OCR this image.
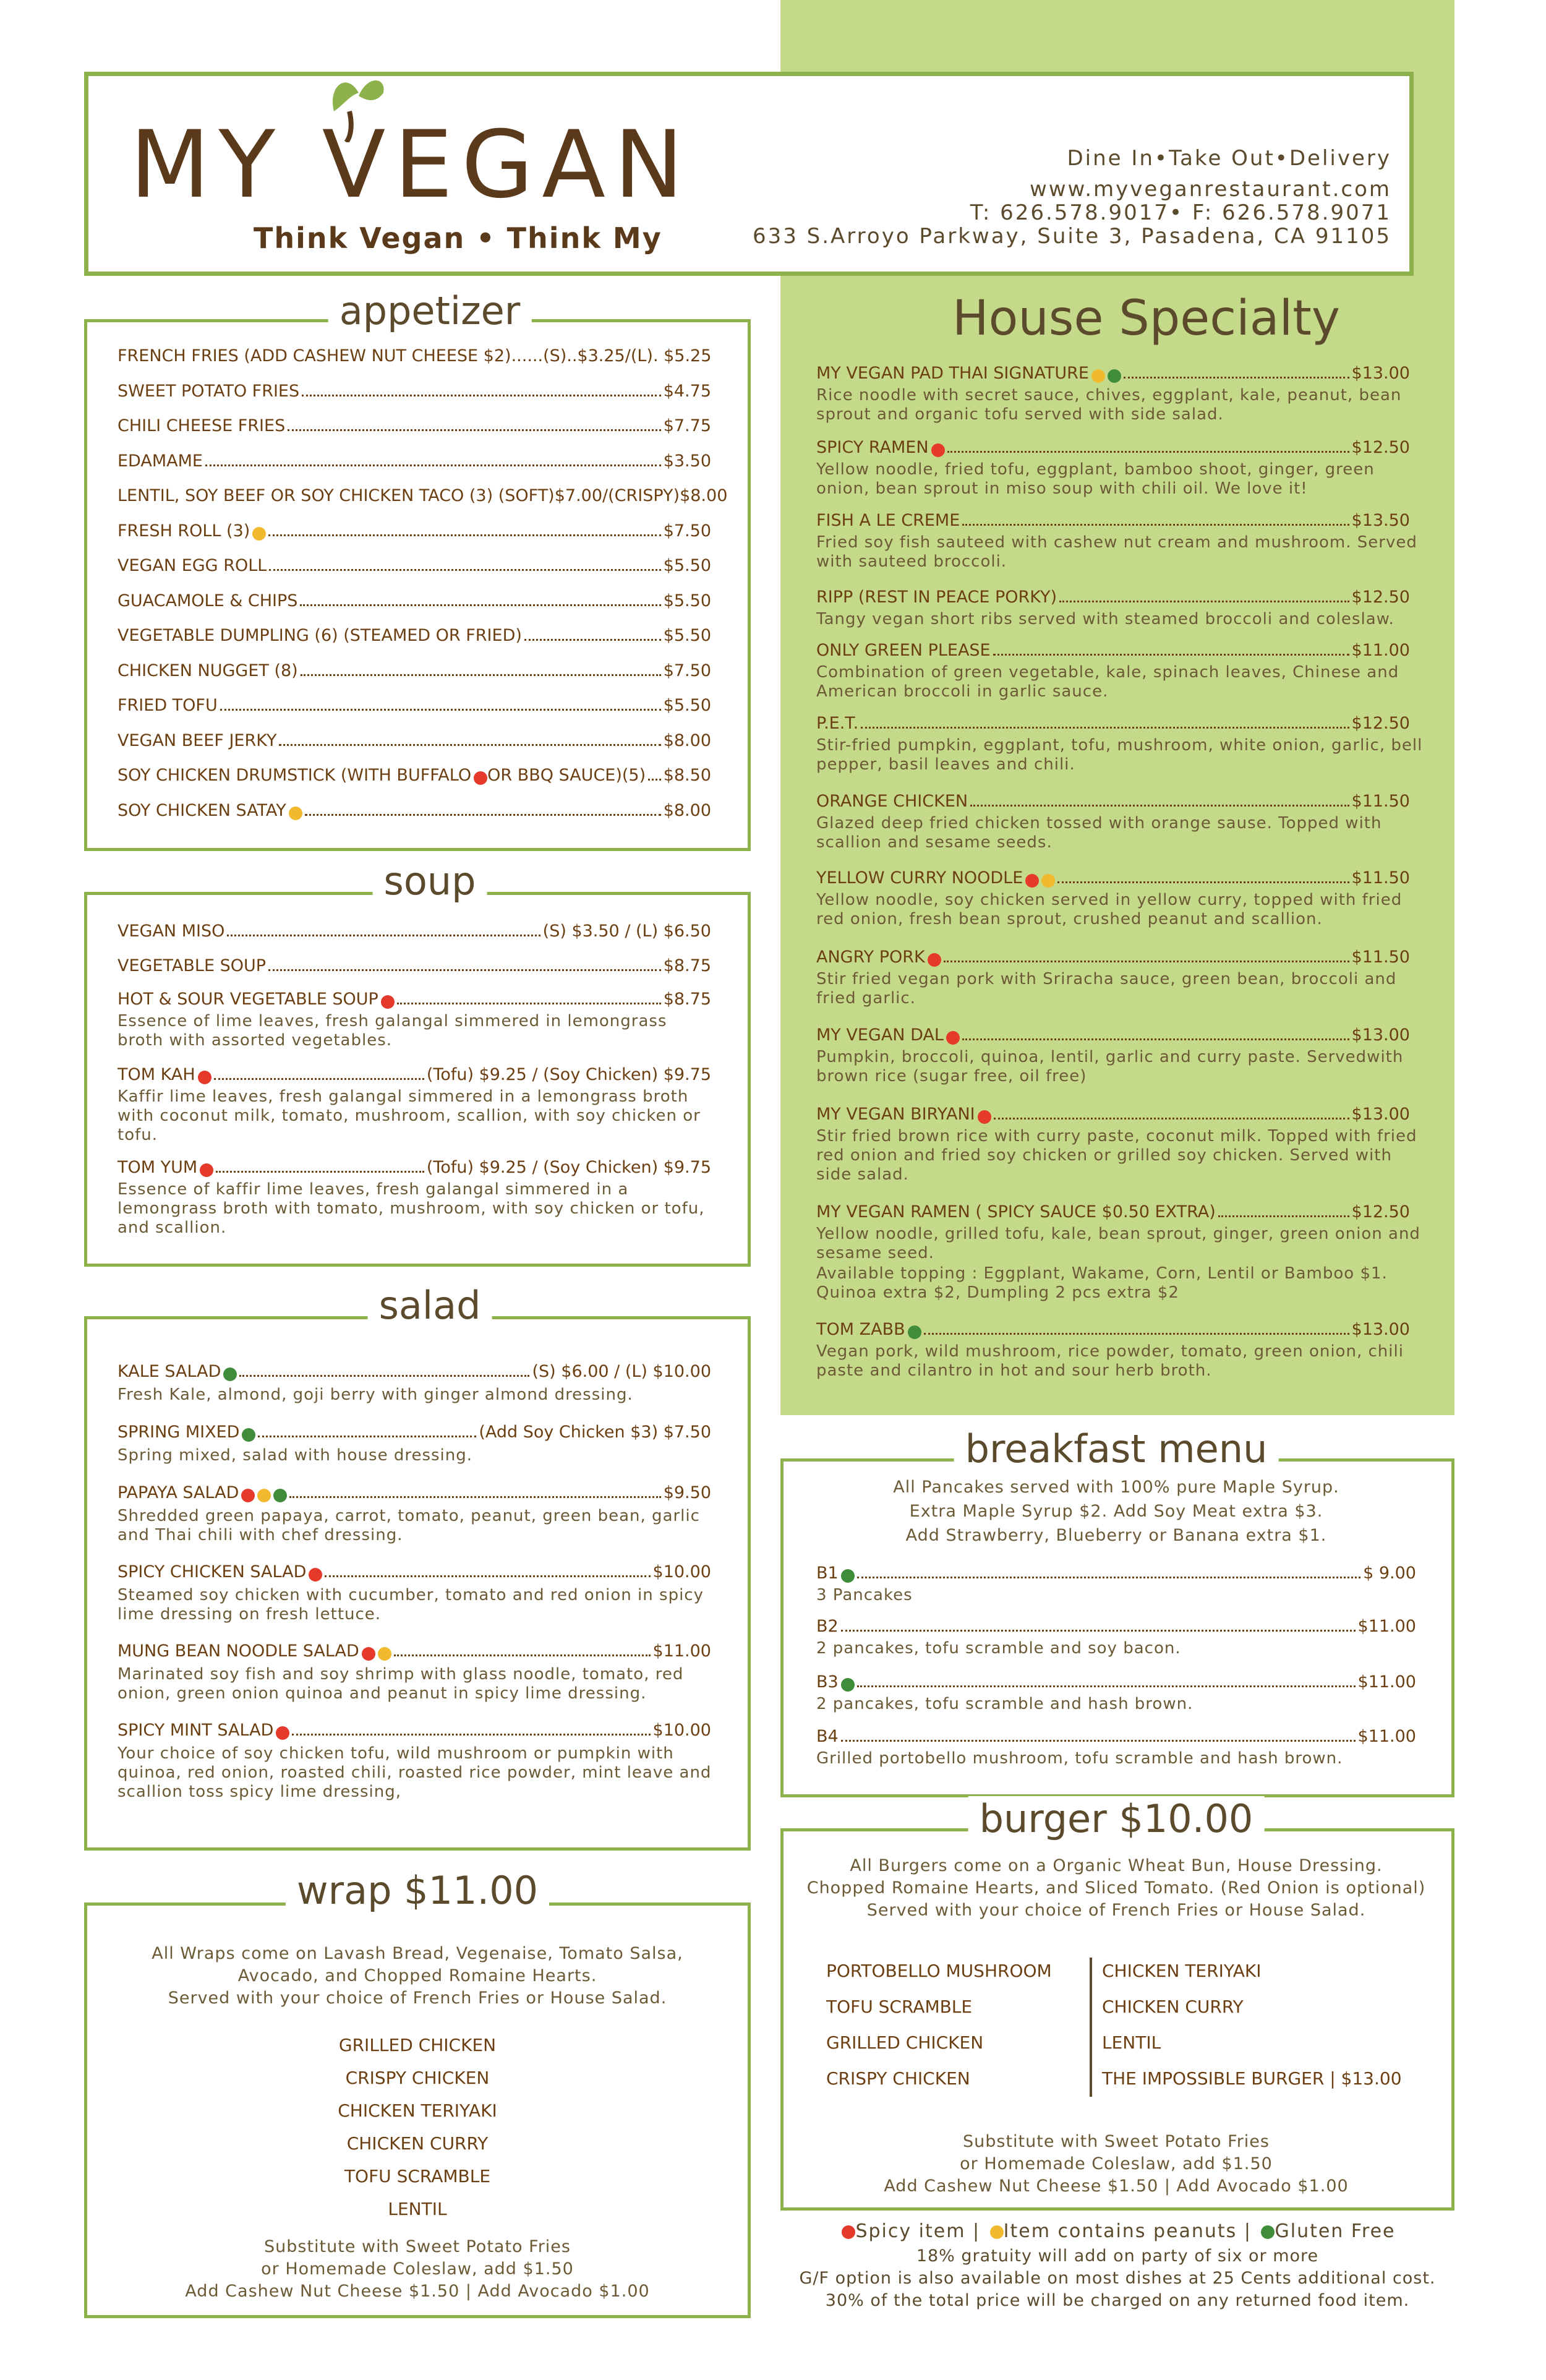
MY VEGAN
Think Vegan • Think My
Dine In•Take Out•Delivery
www.myveganrestaurant.com
T: 626.578.9017• F: 626.578.9071
633 S.Arroyo Parkway, Suite 3, Pasadena, CA 91105
appetizer
FRENCH FRIES (ADD CASHEW NUT CHEESE $2)......(S)..$3.25/(L). $5.25
SWEET POTATO FRIES	$4.75
CHILI CHEESE FRIES	$7.75
EDAMAME	$3.50
LENTIL, SOY BEEF OR SOY CHICKEN TACO (3) (SOFT)$7.00/(CRISPY)$8.00
FRESH ROLL (3)	$7.50
VEGAN EGG ROLL	$5.50
GUACAMOLE & CHIPS	$5.50
VEGETABLE DUMPLING (6) (STEAMED OR FRIED)	$5.50
CHICKEN NUGGET (8)	$7.50
FRIED TOFU	$5.50
VEGAN BEEF JERKY	$8.00
SOY CHICKEN DRUMSTICK (WITH BUFFALO OR BBQ SAUCE)(5) $8.50
SOY CHICKEN SATAY	$8.00
soup
VEGAN MISO	(S) $3.50 / (L) $6.50
VEGETABLE SOUP	$8.75
HOT & SOUR VEGETABLE SOUP	$8.75
Essence of lime leaves, fresh galangal simmered in lemongrass broth with assorted vegetables.
TOM KAH	(Tofu) $9.25 / (Soy Chicken) $9.75
Kaffir lime leaves, fresh galangal simmered in a lemongrass broth with coconut milk, tomato, mushroom, scallion, with soy chicken or tofu.
TOM YUM	(Tofu) $9.25 / (Soy Chicken) $9.75
Essence of kaffir lime leaves, fresh galangal simmered in a lemongrass broth with tomato, mushroom, with soy chicken or tofu, and scallion.
salad
KALE SALAD	(S) $6.00 / (L) $10.00
Fresh Kale, almond, goji berry with ginger almond dressing.
SPRING MIXED	(Add Soy Chicken $3) $7.50
Spring mixed, salad with house dressing.
PAPAYA SALAD	$9.50
Shredded green papaya, carrot, tomato, peanut, green bean, garlic and Thai chili with chef dressing.
SPICY CHICKEN SALAD	$10.00
Steamed soy chicken with cucumber, tomato and red onion in spicy lime dressing on fresh lettuce.
MUNG BEAN NOODLE SALAD	$11.00
Marinated soy fish and soy shrimp with glass noodle, tomato, red onion, green onion quinoa and peanut in spicy lime dressing.
SPICY MINT SALAD	$10.00
Your choice of soy chicken tofu, wild mushroom or pumpkin with quinoa, red onion, roasted chili, roasted rice powder, mint leave and scallion toss spicy lime dressing,
wrap $11.00
All Wraps come on Lavash Bread, Vegenaise, Tomato Salsa,
Avocado, and Chopped Romaine Hearts.
Served with your choice of French Fries or House Salad.
GRILLED CHICKEN
CRISPY CHICKEN
CHICKEN TERIYAKI
CHICKEN CURRY
TOFU SCRAMBLE
LENTIL
Substitute with Sweet Potato Fries
or Homemade Coleslaw, add $1.50
Add Cashew Nut Cheese $1.50 | Add Avocado $1.00
House Specialty
MY VEGAN PAD THAI SIGNATURE	$13.00
Rice noodle with secret sauce, chives, eggplant, kale, peanut, bean sprout and organic tofu served with side salad.
SPICY RAMEN	$12.50
Yellow noodle, fried tofu, eggplant, bamboo shoot, ginger, green onion, bean sprout in miso soup with chili oil. We love it!
FISH A LE CREME	$13.50
Fried soy fish sauteed with cashew nut cream and mushroom. Served with sauteed broccoli.
RIPP (REST IN PEACE PORKY)	$12.50
Tangy vegan short ribs served with steamed broccoli and coleslaw.
ONLY GREEN PLEASE	$11.00
Combination of green vegetable, kale, spinach leaves, Chinese and American broccoli in garlic sauce.
P.E.T.	$12.50
Stir-fried pumpkin, eggplant, tofu, mushroom, white onion, garlic, bell pepper, basil leaves and chili.
ORANGE CHICKEN	$11.50
Glazed deep fried chicken tossed with orange sause. Topped with scallion and sesame seeds.
YELLOW CURRY NOODLE	$11.50
Yellow noodle, soy chicken served in yellow curry, topped with fried red onion, fresh bean sprout, crushed peanut and scallion.
ANGRY PORK	$11.50
Stir fried vegan pork with Sriracha sauce, green bean, broccoli and fried garlic.
MY VEGAN DAL	$13.00
Pumpkin, broccoli, quinoa, lentil, garlic and curry paste. Servedwith brown rice (sugar free, oil free)
MY VEGAN BIRYANI	$13.00
Stir fried brown rice with curry paste, coconut milk. Topped with fried red onion and fried soy chicken or grilled soy chicken. Served with side salad.
MY VEGAN RAMEN ( SPICY SAUCE $0.50 EXTRA)	$12.50
Yellow noodle, grilled tofu, kale, bean sprout, ginger, green onion and sesame seed.
Available topping : Eggplant, Wakame, Corn, Lentil or Bamboo $1. Quinoa extra $2, Dumpling 2 pcs extra $2
TOM ZABB	$13.00
Vegan pork, wild mushroom, rice powder, tomato, green onion, chili paste and cilantro in hot and sour herb broth.
breakfast menu
All Pancakes served with 100% pure Maple Syrup.
Extra Maple Syrup $2. Add Soy Meat extra $3.
Add Strawberry, Blueberry or Banana extra $1.
B1	$ 9.00
3 Pancakes
B2	$11.00
2 pancakes, tofu scramble and soy bacon.
B3	$11.00
2 pancakes, tofu scramble and hash brown.
B4	$11.00
Grilled portobello mushroom, tofu scramble and hash brown.
burger $10.00
All Burgers come on a Organic Wheat Bun, House Dressing.
Chopped Romaine Hearts, and Sliced Tomato. (Red Onion is optional)
Served with your choice of French Fries or House Salad.
PORTOBELLO MUSHROOM
TOFU SCRAMBLE
GRILLED CHICKEN
CRISPY CHICKEN
CHICKEN TERIYAKI
CHICKEN CURRY
LENTIL
THE IMPOSSIBLE BURGER | $13.00
Substitute with Sweet Potato Fries
or Homemade Coleslaw, add $1.50
Add Cashew Nut Cheese $1.50 | Add Avocado $1.00
Spicy item | Item contains peanuts | Gluten Free
18% gratuity will add on party of six or more
G/F option is also available on most dishes at 25 Cents additional cost.
30% of the total price will be charged on any returned food item.
